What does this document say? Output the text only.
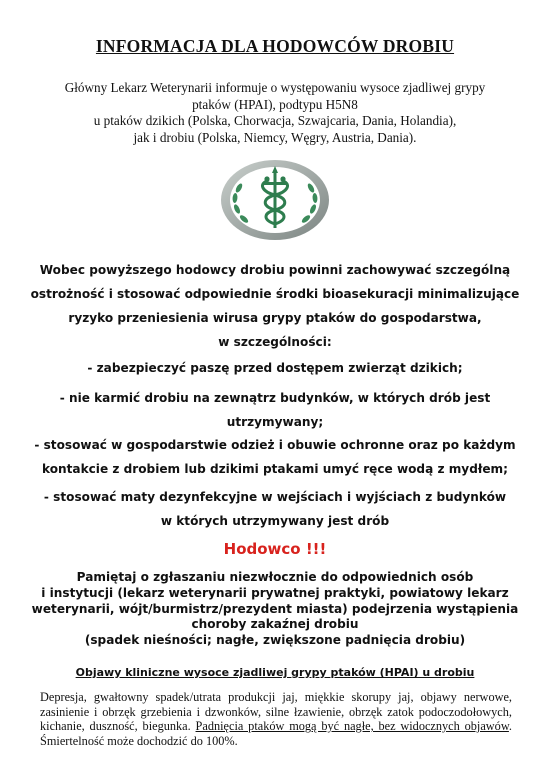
INFORMACJA DLA HODOWCÓW DROBIU
Główny Lekarz Weterynarii informuje o występowaniu wysoce zjadliwej grypy
ptaków (HPAI), podtypu H5N8
u ptaków dzikich (Polska, Chorwacja, Szwajcaria, Dania, Holandia),
jak i drobiu (Polska, Niemcy, Węgry, Austria, Dania).
Wobec powyższego hodowcy drobiu powinni zachowywać szczególną
ostrożność i stosować odpowiednie środki bioasekuracji minimalizujące
ryzyko przeniesienia wirusa grypy ptaków do gospodarstwa,
w szczególności:
- zabezpieczyć paszę przed dostępem zwierząt dzikich;
- nie karmić drobiu na zewnątrz budynków, w których drób jest
utrzymywany;
- stosować w gospodarstwie odzież i obuwie ochronne oraz po każdym
kontakcie z drobiem lub dzikimi ptakami umyć ręce wodą z mydłem;
- stosować maty dezynfekcyjne w wejściach i wyjściach z budynków
w których utrzymywany jest drób
Hodowco !!!
Pamiętaj o zgłaszaniu niezwłocznie do odpowiednich osób
i instytucji (lekarz weterynarii prywatnej praktyki, powiatowy lekarz
weterynarii, wójt/burmistrz/prezydent miasta) podejrzenia wystąpienia
choroby zakaźnej drobiu
(spadek nieśności; nagłe, zwiększone padnięcia drobiu)
Objawy kliniczne wysoce zjadliwej grypy ptaków (HPAI) u drobiu
Depresja, gwałtowny spadek/utrata produkcji jaj, miękkie skorupy jaj, objawy nerwowe, zasinienie i obrzęk grzebienia i dzwonków, silne łzawienie, obrzęk zatok podoczodołowych, kichanie, duszność, biegunka. Padnięcia ptaków mogą być nagłe, bez widocznych objawów. Śmiertelność może dochodzić do 100%.
